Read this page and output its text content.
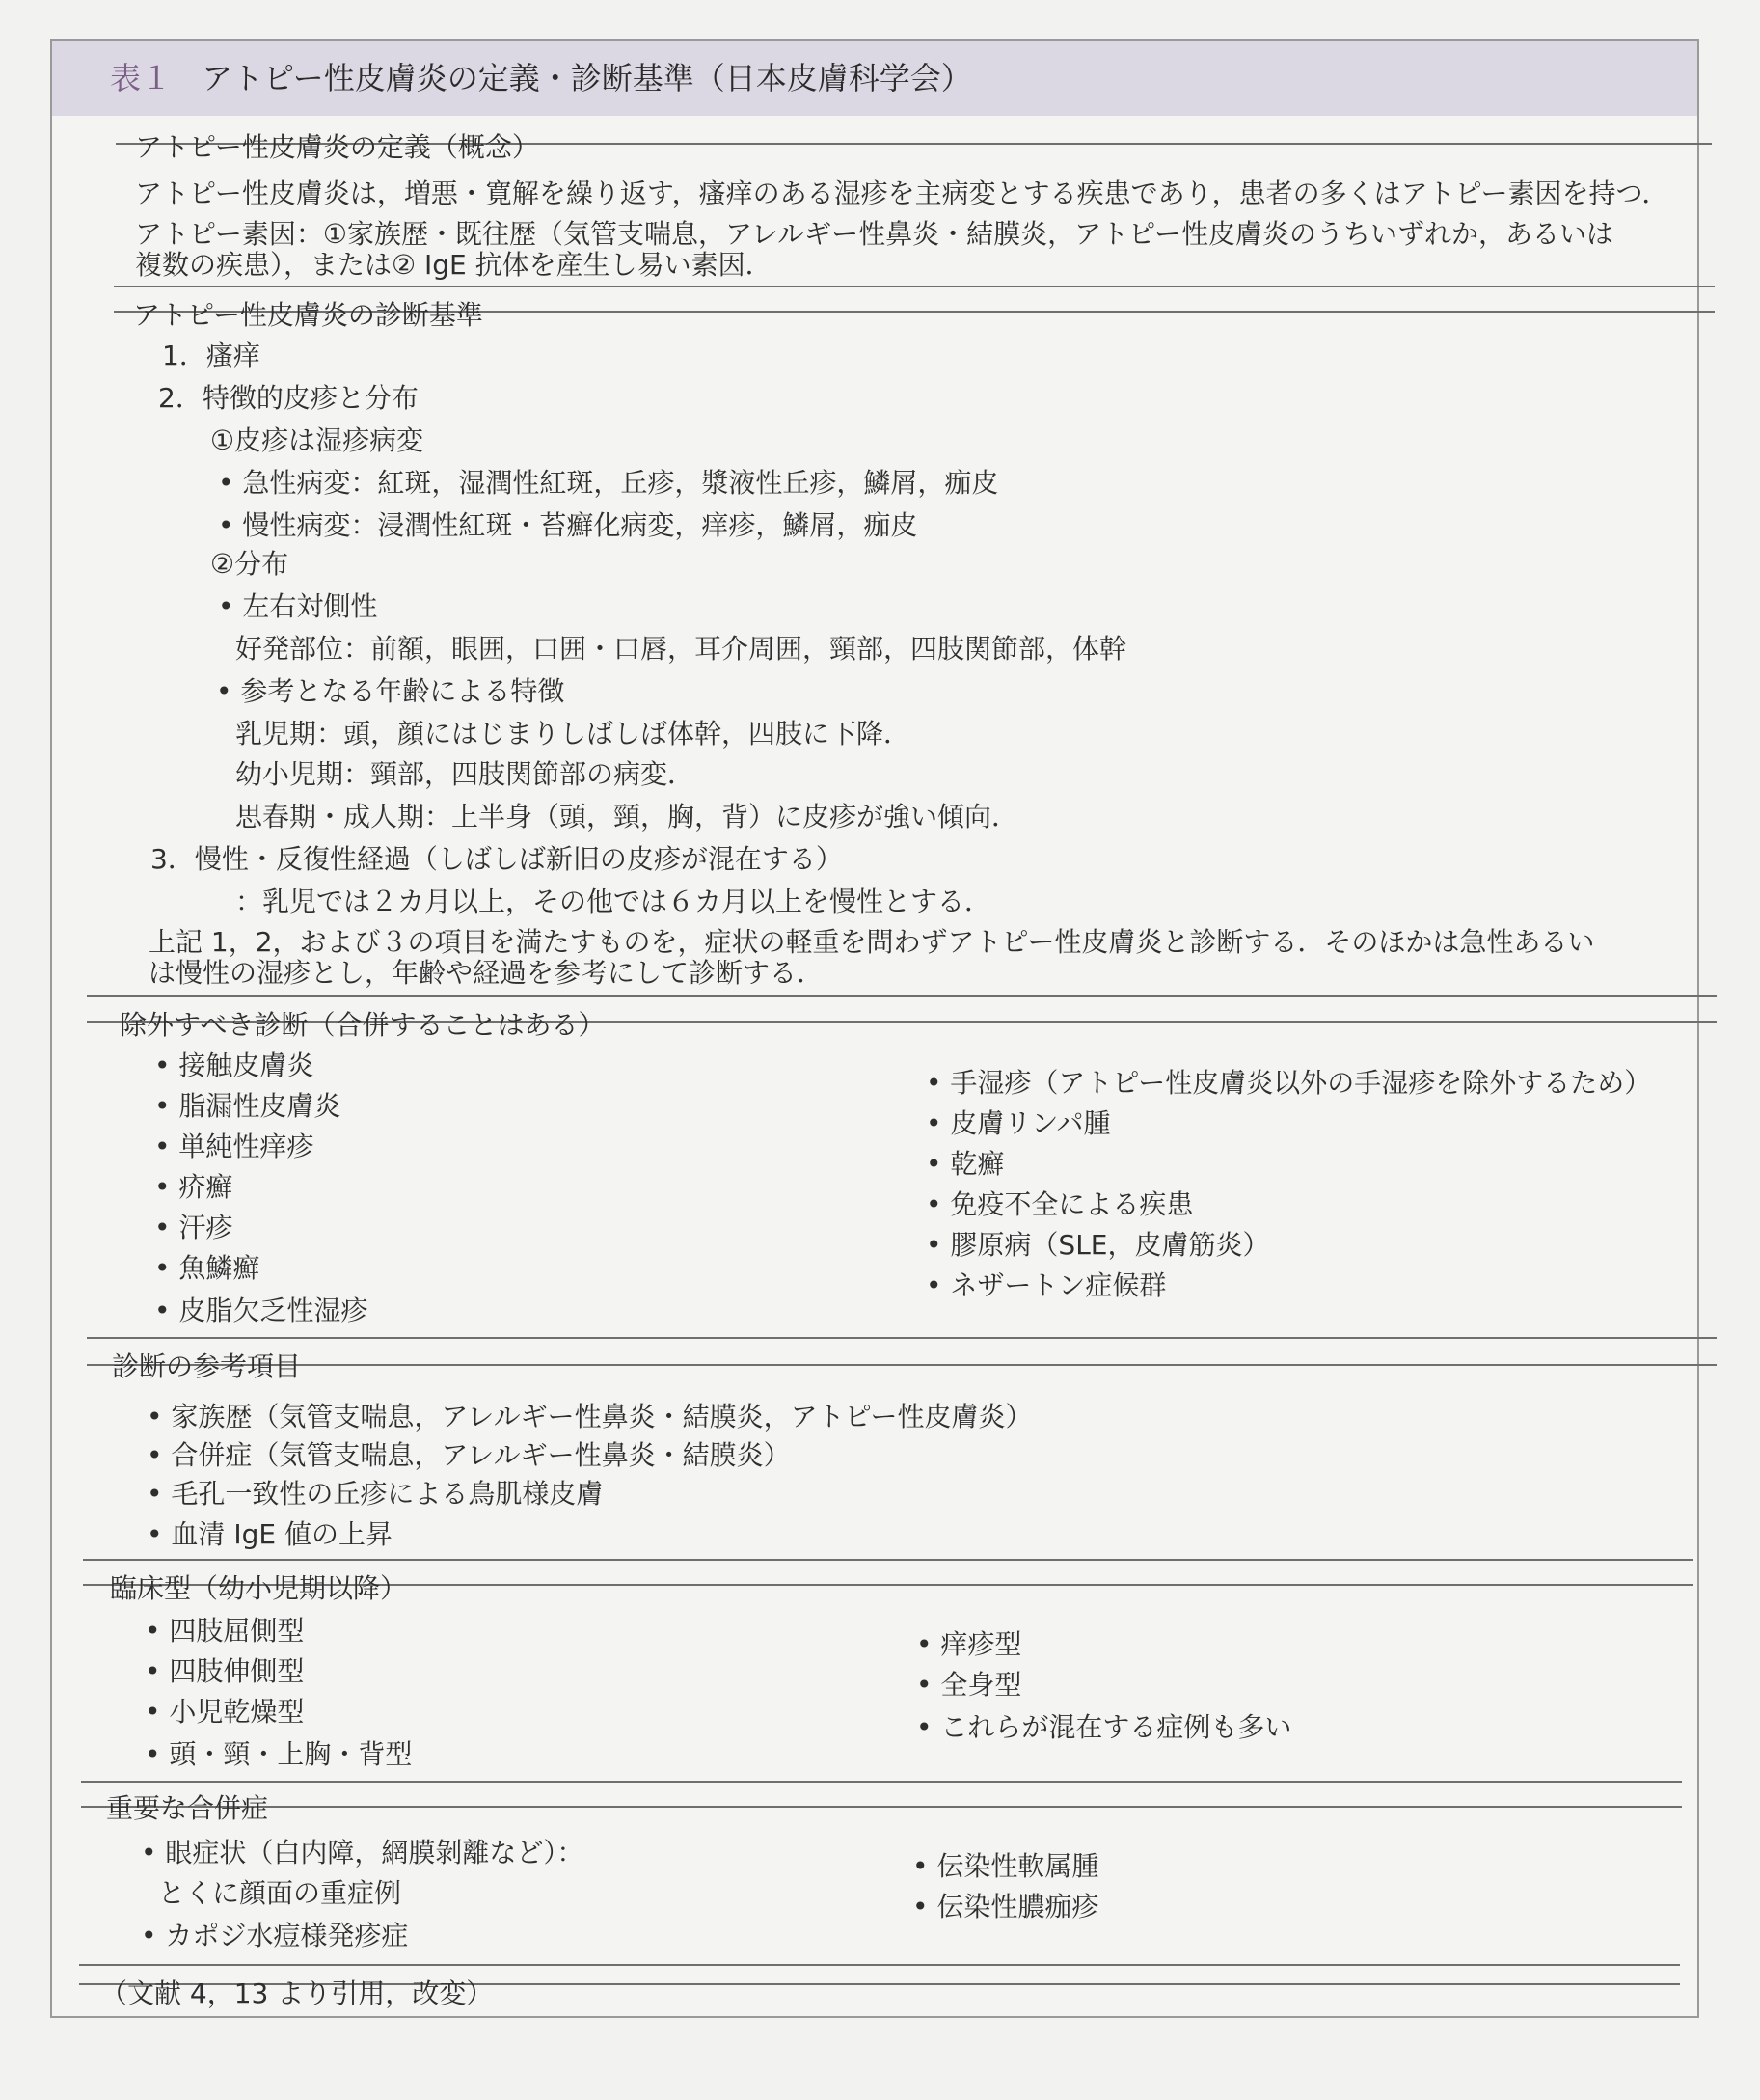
表１ アトピー性皮膚炎の定義・診断基準（日本皮膚科学会）
アトピー性皮膚炎の定義（概念）
アトピー性皮膚炎は，増悪・寛解を繰り返す，瘙痒のある湿疹を主病変とする疾患であり，患者の多くはアトピー素因を持つ．
アトピー素因：①家族歴・既往歴（気管支喘息，アレルギー性鼻炎・結膜炎，アトピー性皮膚炎のうちいずれか，あるいは
複数の疾患），または② IgE 抗体を産生し易い素因．
アトピー性皮膚炎の診断基準
1．瘙痒
2．特徴的皮疹と分布
①皮疹は湿疹病変
• 急性病変：紅斑，湿潤性紅斑，丘疹，漿液性丘疹，鱗屑，痂皮
• 慢性病変：浸潤性紅斑・苔癬化病変，痒疹，鱗屑，痂皮
②分布
• 左右対側性
好発部位：前額，眼囲，口囲・口唇，耳介周囲，頸部，四肢関節部，体幹
• 参考となる年齢による特徴
乳児期：頭，顔にはじまりしばしば体幹，四肢に下降．
幼小児期：頸部，四肢関節部の病変．
思春期・成人期：上半身（頭，頸，胸，背）に皮疹が強い傾向．
3．慢性・反復性経過（しばしば新旧の皮疹が混在する）
：乳児では２カ月以上，その他では６カ月以上を慢性とする．
上記 1，2，および３の項目を満たすものを，症状の軽重を問わずアトピー性皮膚炎と診断する．そのほかは急性あるい
は慢性の湿疹とし，年齢や経過を参考にして診断する．
除外すべき診断（合併することはある）
• 接触皮膚炎
• 脂漏性皮膚炎
• 単純性痒疹
• 疥癬
• 汗疹
• 魚鱗癬
• 皮脂欠乏性湿疹
• 手湿疹（アトピー性皮膚炎以外の手湿疹を除外するため）
• 皮膚リンパ腫
• 乾癬
• 免疫不全による疾患
• 膠原病（SLE，皮膚筋炎）
• ネザートン症候群
診断の参考項目
• 家族歴（気管支喘息，アレルギー性鼻炎・結膜炎，アトピー性皮膚炎）
• 合併症（気管支喘息，アレルギー性鼻炎・結膜炎）
• 毛孔一致性の丘疹による鳥肌様皮膚
• 血清 IgE 値の上昇
臨床型（幼小児期以降）
• 四肢屈側型
• 四肢伸側型
• 小児乾燥型
• 頭・頸・上胸・背型
• 痒疹型
• 全身型
• これらが混在する症例も多い
重要な合併症
• 眼症状（白内障，網膜剝離など）：
とくに顔面の重症例
• カポジ水痘様発疹症
• 伝染性軟属腫
• 伝染性膿痂疹
（文献 4，13 より引用，改変）
